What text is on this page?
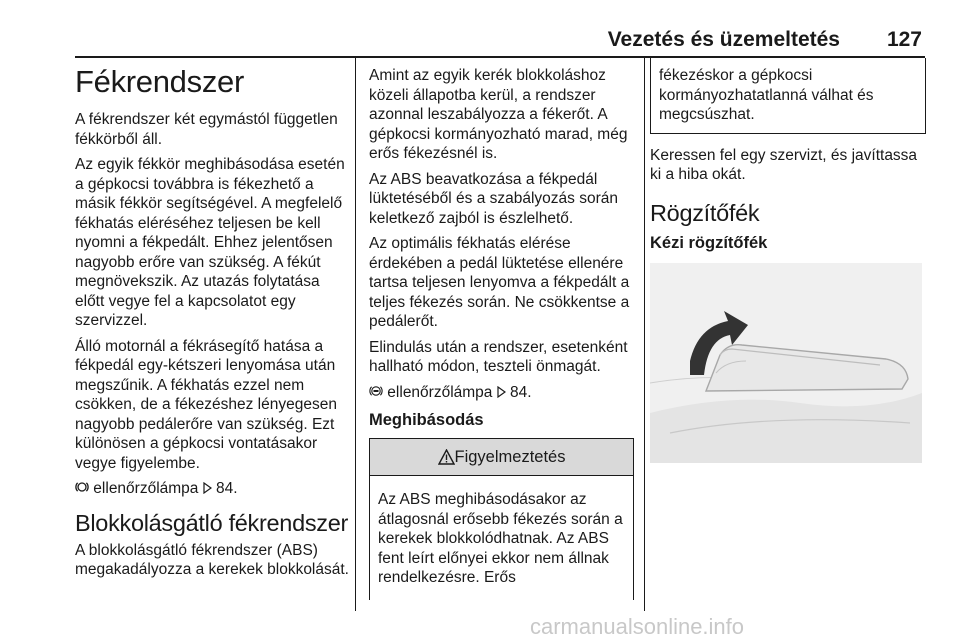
Vezetés és üzemeltetés 127
Fékrendszer

A fékrendszer két egymástól független fékkörből áll.

Az egyik fékkör meghibásodása esetén a gépkocsi továbbra is fékezhető a másik fékkör segítségével. A megfelelő fékhatás eléréséhez teljesen be kell nyomni a fékpedált. Ehhez jelentősen nagyobb erőre van szükség. A fékút megnövekszik. Az utazás folytatása előtt vegye fel a kapcsolatot egy szervizzel.

Álló motornál a fékrásegítő hatása a fékpedál egy-kétszeri lenyomása után megszűnik. A fékhatás ezzel nem csökken, de a fékezéshez lényegesen nagyobb pedálerőre van szükség. Ezt különösen a gépkocsi vontatásakor vegye figyelembe.

ellenőrzőlámpa  84.

Blokkolásgátló fékrendszer

A blokkolásgátló fékrendszer (ABS) megakadályozza a kerekek blokkolását.

Amint az egyik kerék blokkoláshoz közeli állapotba kerül, a rendszer azonnal leszabályozza a fékerőt. A gépkocsi kormányozható marad, még erős fékezésnél is.

Az ABS beavatkozása a fékpedál lüktetéséből és a szabályozás során keletkező zajból is észlelhető.

Az optimális fékhatás elérése érdekében a pedál lüktetése ellenére tartsa teljesen lenyomva a fékpedált a teljes fékezés során. Ne csökkentse a pedálerőt.

Elindulás után a rendszer, esetenként hallható módon, teszteli önmagát.

ellenőrzőlámpa  84.

Meghibásodás
Figyelmeztetés

Az ABS meghibásodásakor az átlagosnál erősebb fékezés során a kerekek blokkolódhatnak. Az ABS fent leírt előnyei ekkor nem állnak rendelkezésre. Erős

fékezéskor a gépkocsi kormányozhatatlanná válhat és megcsúszhat.

Keressen fel egy szervizt, és javíttassa ki a hiba okát.

Rögzítőfék
Kézi rögzítőfék
carmanualsonline.info
